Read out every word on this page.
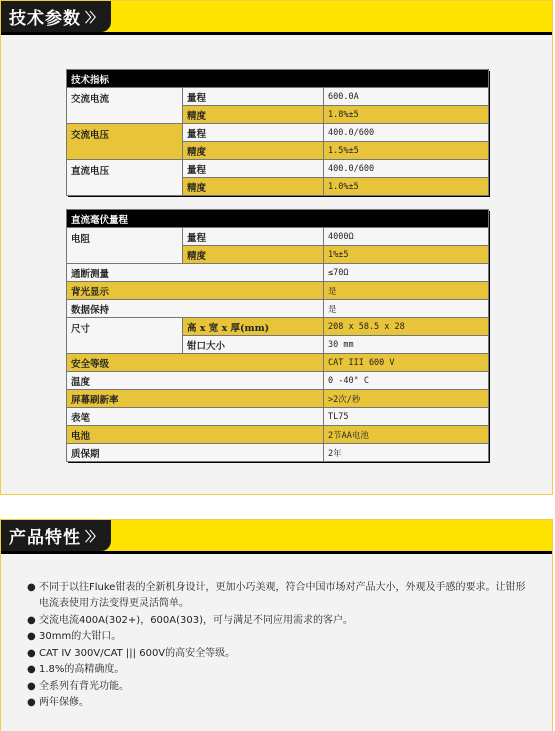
技术参数 〉〉
技术指标		
交流电流	量程	600.0A
	精度	1.8%±5
交流电压	量程	400.0/600
	精度	1.5%±5
直流电压	量程	400.0/600
	精度	1.0%±5
直流毫伏量程		
电阻	量程	4000Ω
	精度	1%±5
通断测量		≤70Ω
背光显示		是
数据保持		是
尺寸	高 x 宽 x 厚(mm)	208 x 58.5 x 28
	钳口大小	30 mm
安全等级		CAT III 600 V
温度		0 -40° C
屏幕刷新率		>2次/秒
表笔		TL75
电池		2节AA电池
质保期		2年
产品特性 〉〉
● 不同于以往Fluke钳表的全新机身设计，更加小巧美观，符合中国市场对产品大小，外观及手感的要求。让钳形电流表使用方法变得更灵活简单。
● 交流电流400A(302+)，600A(303)，可与满足不同应用需求的客户。
● 30mm的大钳口。
● CAT IV 300V/CAT ||| 600V的高安全等级。
● 1.8%的高精确度。
● 全系列有背光功能。
● 两年保修。
